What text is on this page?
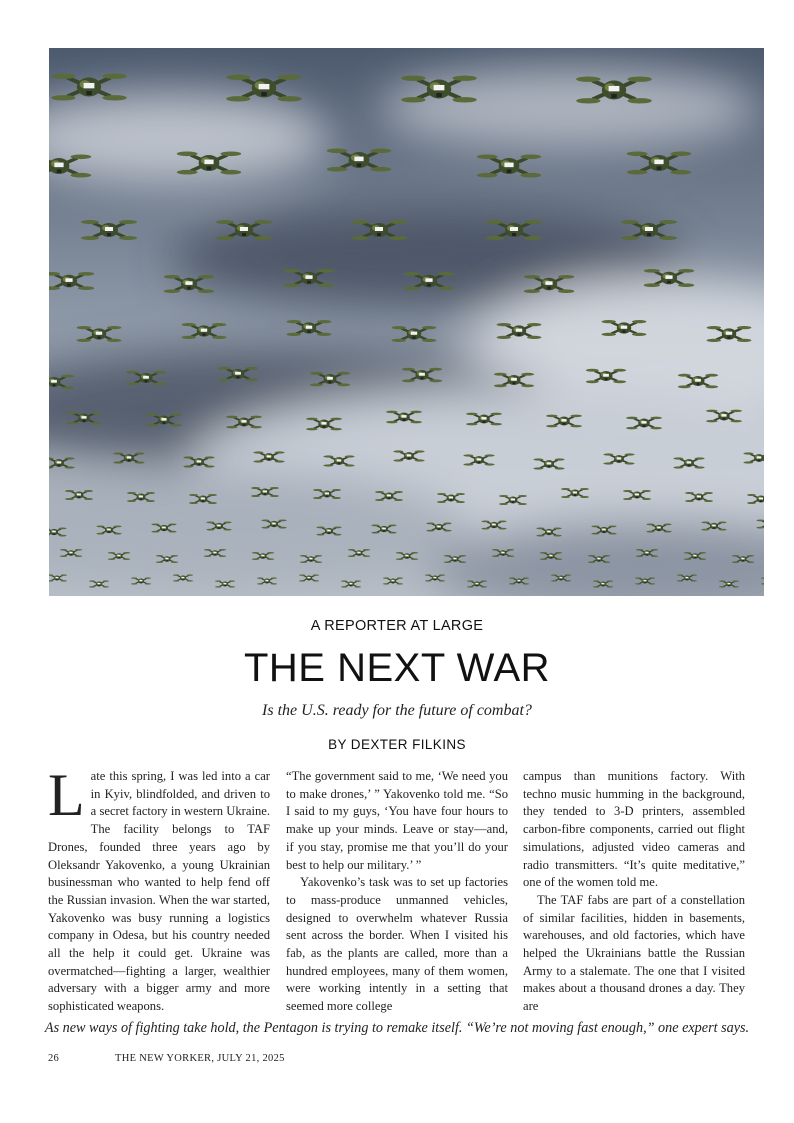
A REPORTER AT LARGE
THE NEXT WAR
Is the U.S. ready for the future of combat?
BY DEXTER FILKINS

Late this spring, I was led into a car in Kyiv, blindfolded, and driven to a secret factory in western Ukraine. The facility belongs to TAF Drones, founded three years ago by Oleksandr Yakovenko, a young Ukrainian businessman who wanted to help fend off the Russian invasion. When the war started, Yakovenko was busy running a logistics company in Odesa, but his country needed all the help it could get. Ukraine was overmatched—fighting a larger, wealthier adversary with a bigger army and more sophisticated weapons.

“The government said to me, ‘We need you to make drones,’ ” Yakovenko told me. “So I said to my guys, ‘You have four hours to make up your minds. Leave or stay—and, if you stay, promise me that you’ll do your best to help our military.’ ”

Yakovenko’s task was to set up factories to mass-produce unmanned vehicles, designed to overwhelm whatever Russia sent across the border. When I visited his fab, as the plants are called, more than a hundred employees, many of them women, were working intently in a setting that seemed more college

campus than munitions factory. With techno music humming in the background, they tended to 3-D printers, assembled carbon-fibre components, carried out flight simulations, adjusted video cameras and radio transmitters. “It’s quite meditative,” one of the women told me.

The TAF fabs are part of a constellation of similar facilities, hidden in basements, warehouses, and old factories, which have helped the Ukrainians battle the Russian Army to a stalemate. The one that I visited makes about a thousand drones a day. They are

As new ways of fighting take hold, the Pentagon is trying to remake itself. “We’re not moving fast enough,” one expert says.
26	THE NEW YORKER, JULY 21, 2025
